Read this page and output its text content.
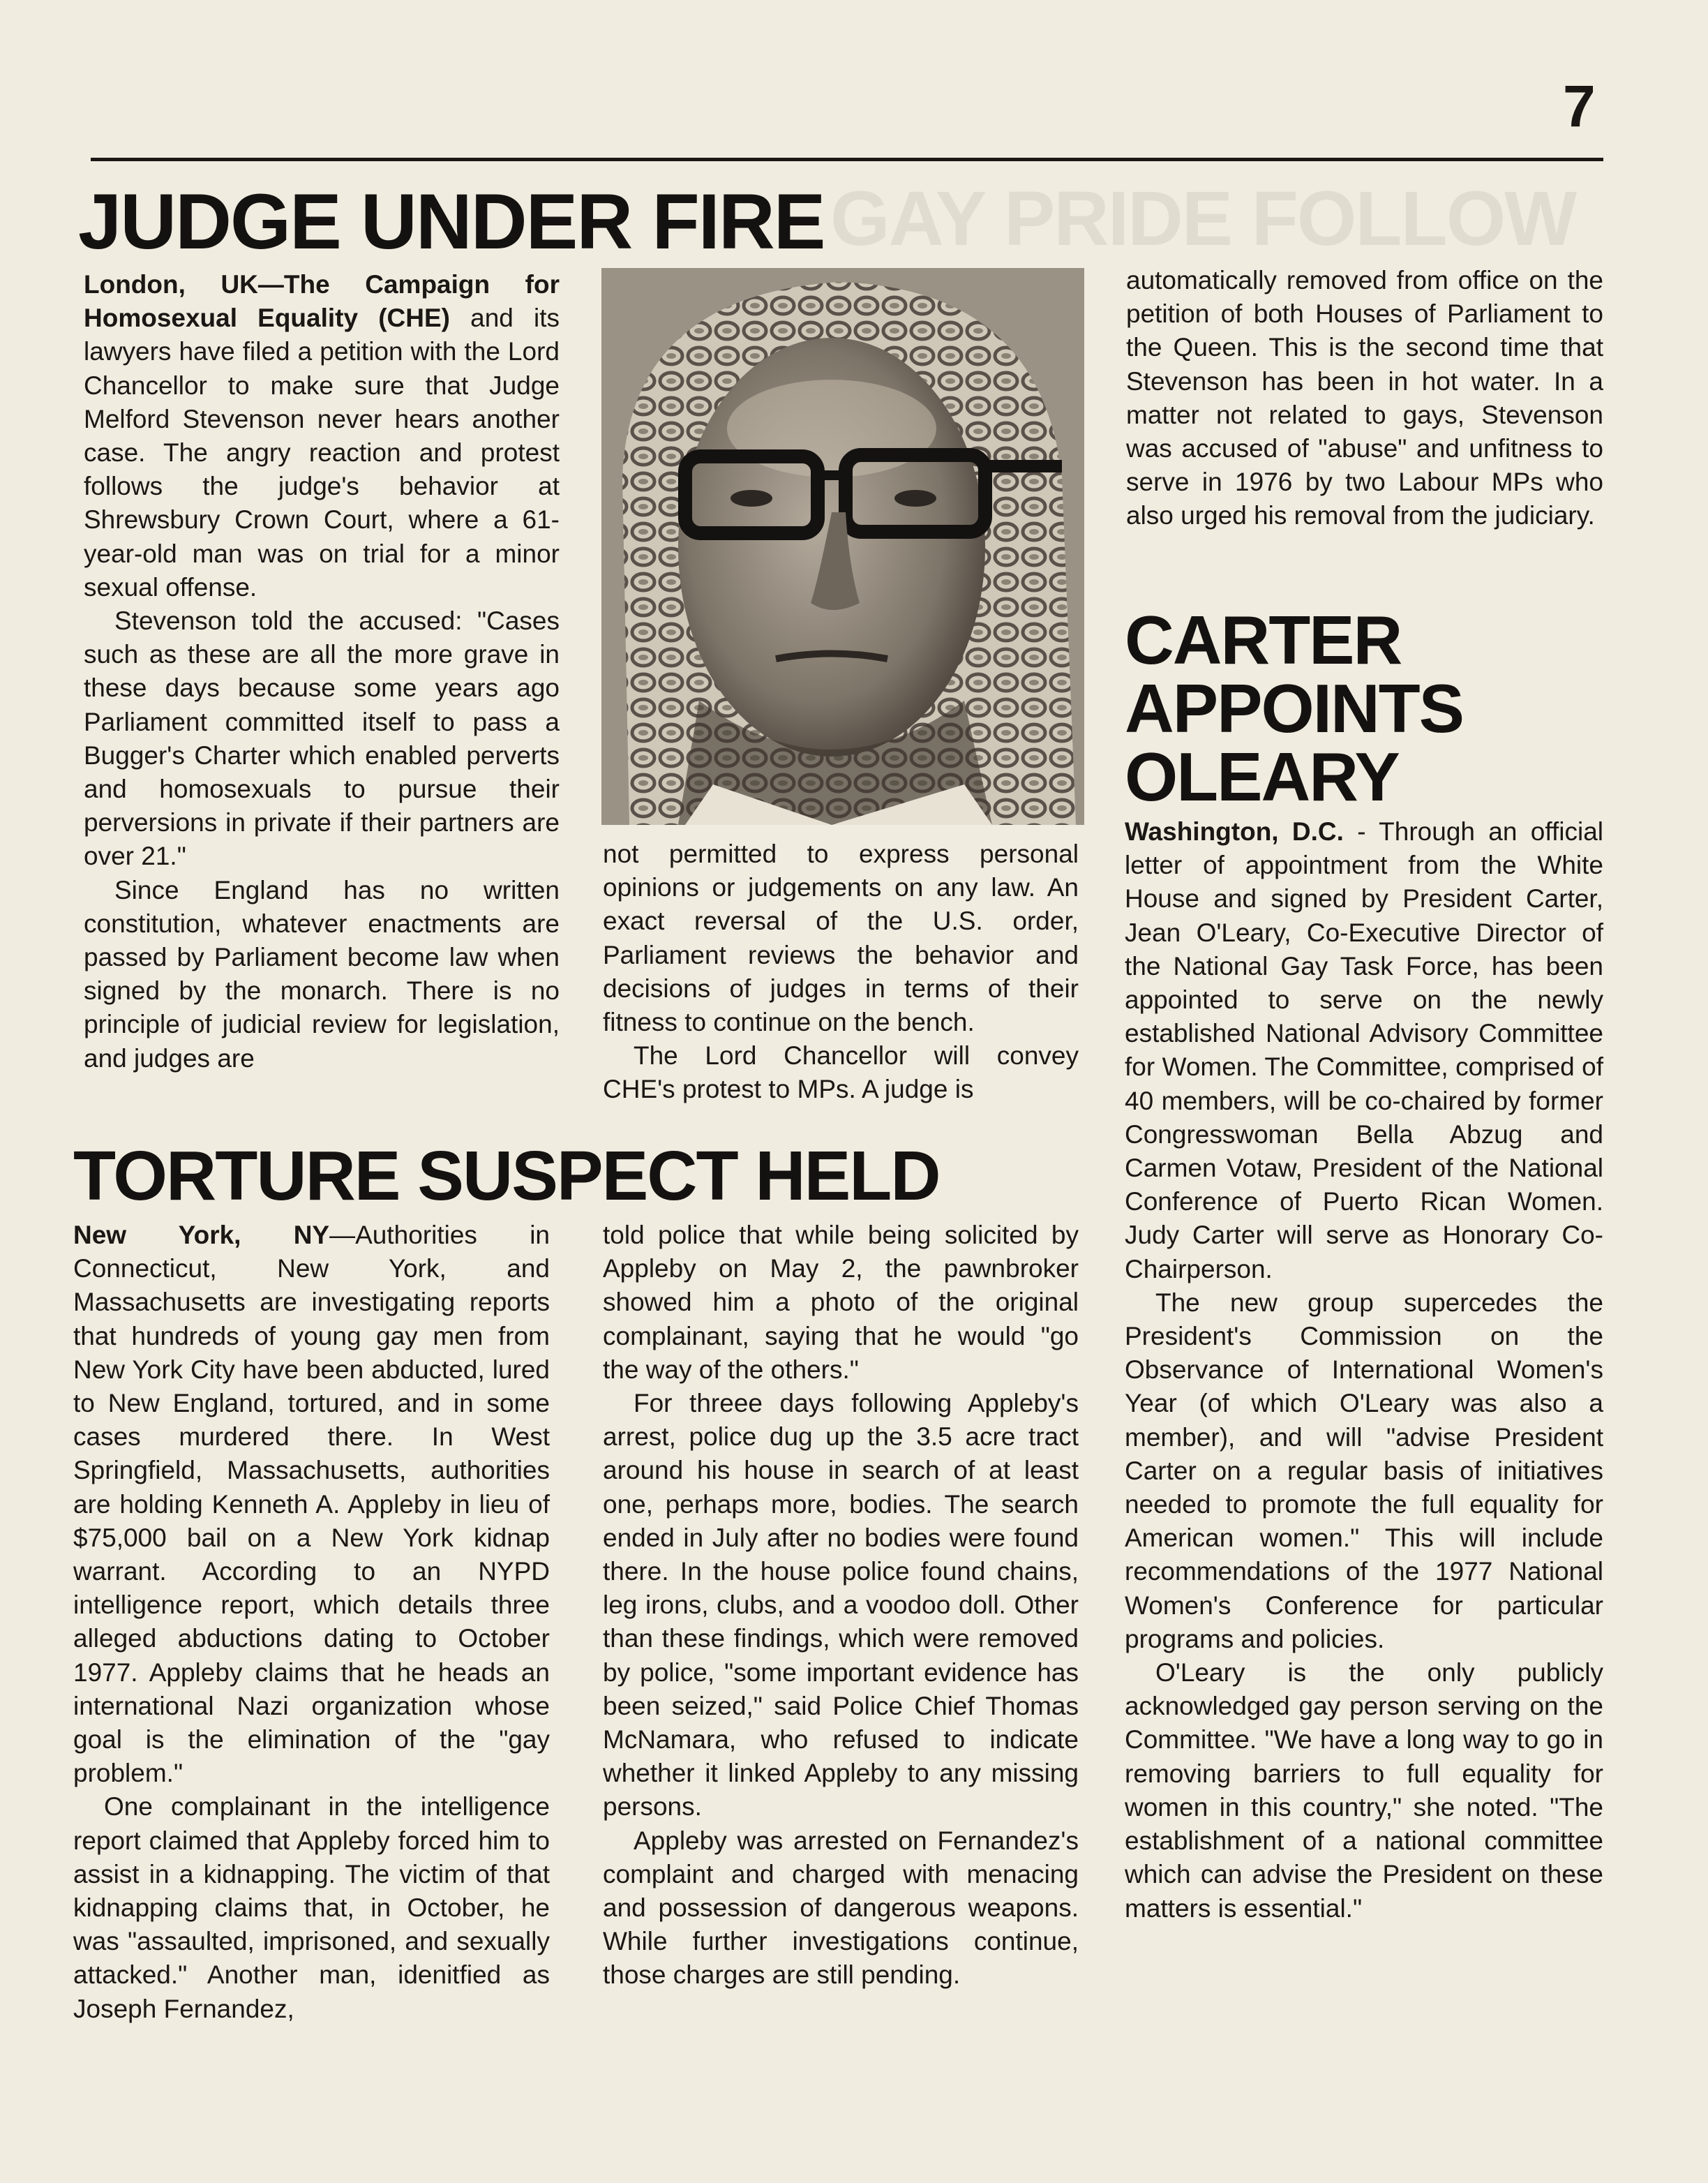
GAY PRIDE FOLLOW
7
JUDGE UNDER FIRE

London, UK—The Campaign for Homosexual Equality (CHE) and its lawyers have filed a petition with the Lord Chancellor to make sure that Judge Melford Stevenson never hears another case. The angry reaction and protest follows the judge's behavior at Shrewsbury Crown Court, where a 61-year-old man was on trial for a minor sexual offense.

Stevenson told the accused: "Cases such as these are all the more grave in these days because some years ago Parliament committed itself to pass a Bugger's Charter which enabled perverts and homosexuals to pursue their perversions in private if their partners are over 21."

Since England has no written constitution, whatever enactments are passed by Parliament become law when signed by the monarch. There is no principle of judicial review for legislation, and judges are

not permitted to express personal opinions or judgements on any law. An exact reversal of the U.S. order, Parliament reviews the behavior and decisions of judges in terms of their fitness to continue on the bench.

The Lord Chancellor will convey CHE's protest to MPs. A judge is

automatically removed from office on the petition of both Houses of Parliament to the Queen. This is the second time that Stevenson has been in hot water. In a matter not related to gays, Stevenson was accused of "abuse" and unfitness to serve in 1976 by two Labour MPs who also urged his removal from the judiciary.

CARTER
APPOINTS
OLEARY

Washington, D.C. - Through an official letter of appointment from the White House and signed by President Carter, Jean O'Leary, Co-Executive Director of the National Gay Task Force, has been appointed to serve on the newly established National Advisory Committee for Women. The Committee, comprised of 40 members, will be co-chaired by former Congresswoman Bella Abzug and Carmen Votaw, President of the National Conference of Puerto Rican Women. Judy Carter will serve as Honorary Co-Chairperson.

The new group supercedes the President's Commission on the Observance of International Women's Year (of which O'Leary was also a member), and will "advise President Carter on a regular basis of initiatives needed to promote the full equality for American women." This will include recommendations of the 1977 National Women's Conference for particular programs and policies.

O'Leary is the only publicly acknowledged gay person serving on the Committee. "We have a long way to go in removing barriers to full equality for women in this country," she noted. "The establishment of a national committee which can advise the President on these matters is essential."

TORTURE SUSPECT HELD

New York, NY—Authorities in Connecticut, New York, and Massachusetts are investigating reports that hundreds of young gay men from New York City have been abducted, lured to New England, tortured, and in some cases murdered there. In West Springfield, Massachusetts, authorities are holding Kenneth A. Appleby in lieu of $75,000 bail on a New York kidnap warrant. According to an NYPD intelligence report, which details three alleged abductions dating to October 1977. Appleby claims that he heads an international Nazi organization whose goal is the elimination of the "gay problem."

One complainant in the intelligence report claimed that Appleby forced him to assist in a kidnapping. The victim of that kidnapping claims that, in October, he was "assaulted, imprisoned, and sexually attacked." Another man, idenitfied as Joseph Fernandez,

told police that while being solicited by Appleby on May 2, the pawnbroker showed him a photo of the original complainant, saying that he would "go the way of the others."

For threee days following Appleby's arrest, police dug up the 3.5 acre tract around his house in search of at least one, perhaps more, bodies. The search ended in July after no bodies were found there. In the house police found chains, leg irons, clubs, and a voodoo doll. Other than these findings, which were removed by police, "some important evidence has been seized," said Police Chief Thomas McNamara, who refused to indicate whether it linked Appleby to any missing persons.

Appleby was arrested on Fernandez's complaint and charged with menacing and possession of dangerous weapons. While further investigations continue, those charges are still pending.
